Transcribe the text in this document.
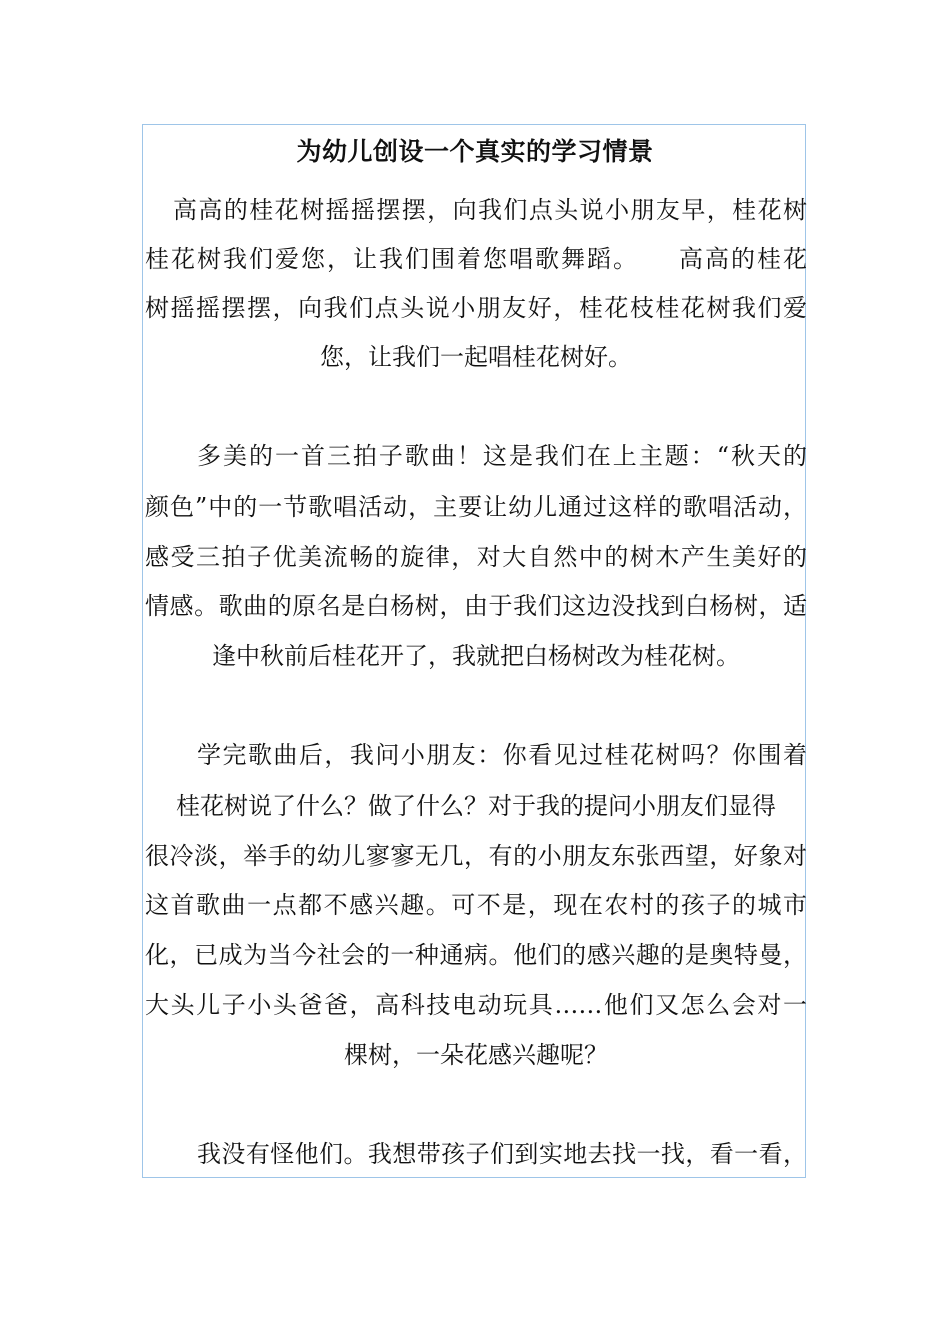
为幼儿创设一个真实的学习情景
高高的桂花树摇摇摆摆，向我们点头说小朋友早，桂花树
桂花树我们爱您，让我们围着您唱歌舞蹈。　　高高的桂花
树摇摇摆摆，向我们点头说小朋友好，桂花枝桂花树我们爱
您，让我们一起唱桂花树好。
多美的一首三拍子歌曲！这是我们在上主题：“秋天的
颜色”中的一节歌唱活动，主要让幼儿通过这样的歌唱活动，
感受三拍子优美流畅的旋律，对大自然中的树木产生美好的
情感。歌曲的原名是白杨树，由于我们这边没找到白杨树，适
逢中秋前后桂花开了，我就把白杨树改为桂花树。
学完歌曲后，我问小朋友：你看见过桂花树吗？你围着
桂花树说了什么？做了什么？对于我的提问小朋友们显得
很冷淡，举手的幼儿寥寥无几，有的小朋友东张西望，好象对
这首歌曲一点都不感兴趣。可不是，现在农村的孩子的城市
化，已成为当今社会的一种通病。他们的感兴趣的是奥特曼，
大头儿子小头爸爸，高科技电动玩具……他们又怎么会对一
棵树，一朵花感兴趣呢？
我没有怪他们。我想带孩子们到实地去找一找，看一看，
